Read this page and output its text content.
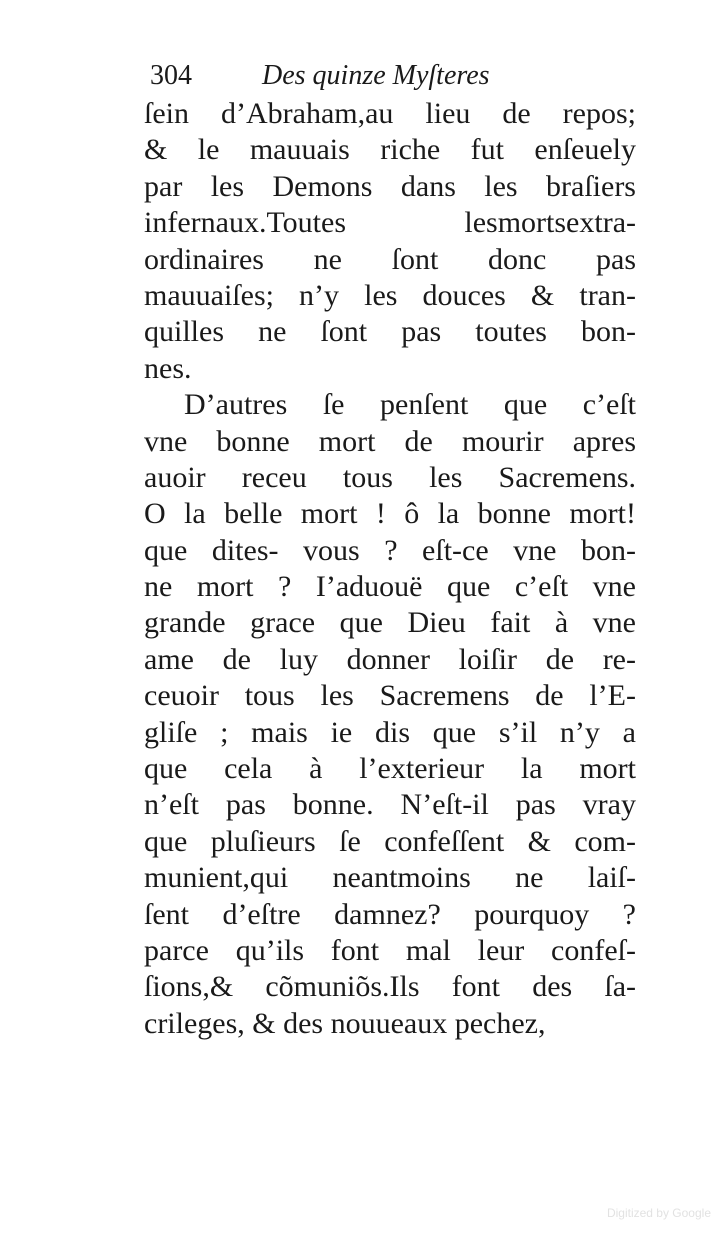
304	Des quinze Myſteres
ſein d’Abraham,au lieu de repos;
& le mauuais riche fut enſeuely
par les Demons dans les braſiers
infernaux.Toutes lesmortsextra-
ordinaires ne ſont donc pas
mauuaiſes; n’y les douces & tran-
quilles ne ſont pas toutes bon-
nes.
D’autres ſe penſent que c’eſt
vne bonne mort de mourir apres
auoir receu tous les Sacremens.
O la belle mort ! ô la bonne mort!
que dites- vous ? eſt-ce vne bon-
ne mort ? I’aduouë que c’eſt vne
grande grace que Dieu fait à vne
ame de luy donner loiſir de re-
ceuoir tous les Sacremens de l’E-
gliſe ; mais ie dis que s’il n’y a
que cela à l’exterieur la mort
n’eſt pas bonne. N’eſt-il pas vray
que pluſieurs ſe confeſſent & com-
munient,qui neantmoins ne laiſ-
ſent d’eſtre damnez? pourquoy ?
parce qu’ils font mal leur confeſ-
ſions,& cõmuniõs.Ils font des ſa-
crileges, & des nouueaux pechez,
Digitized by Google
